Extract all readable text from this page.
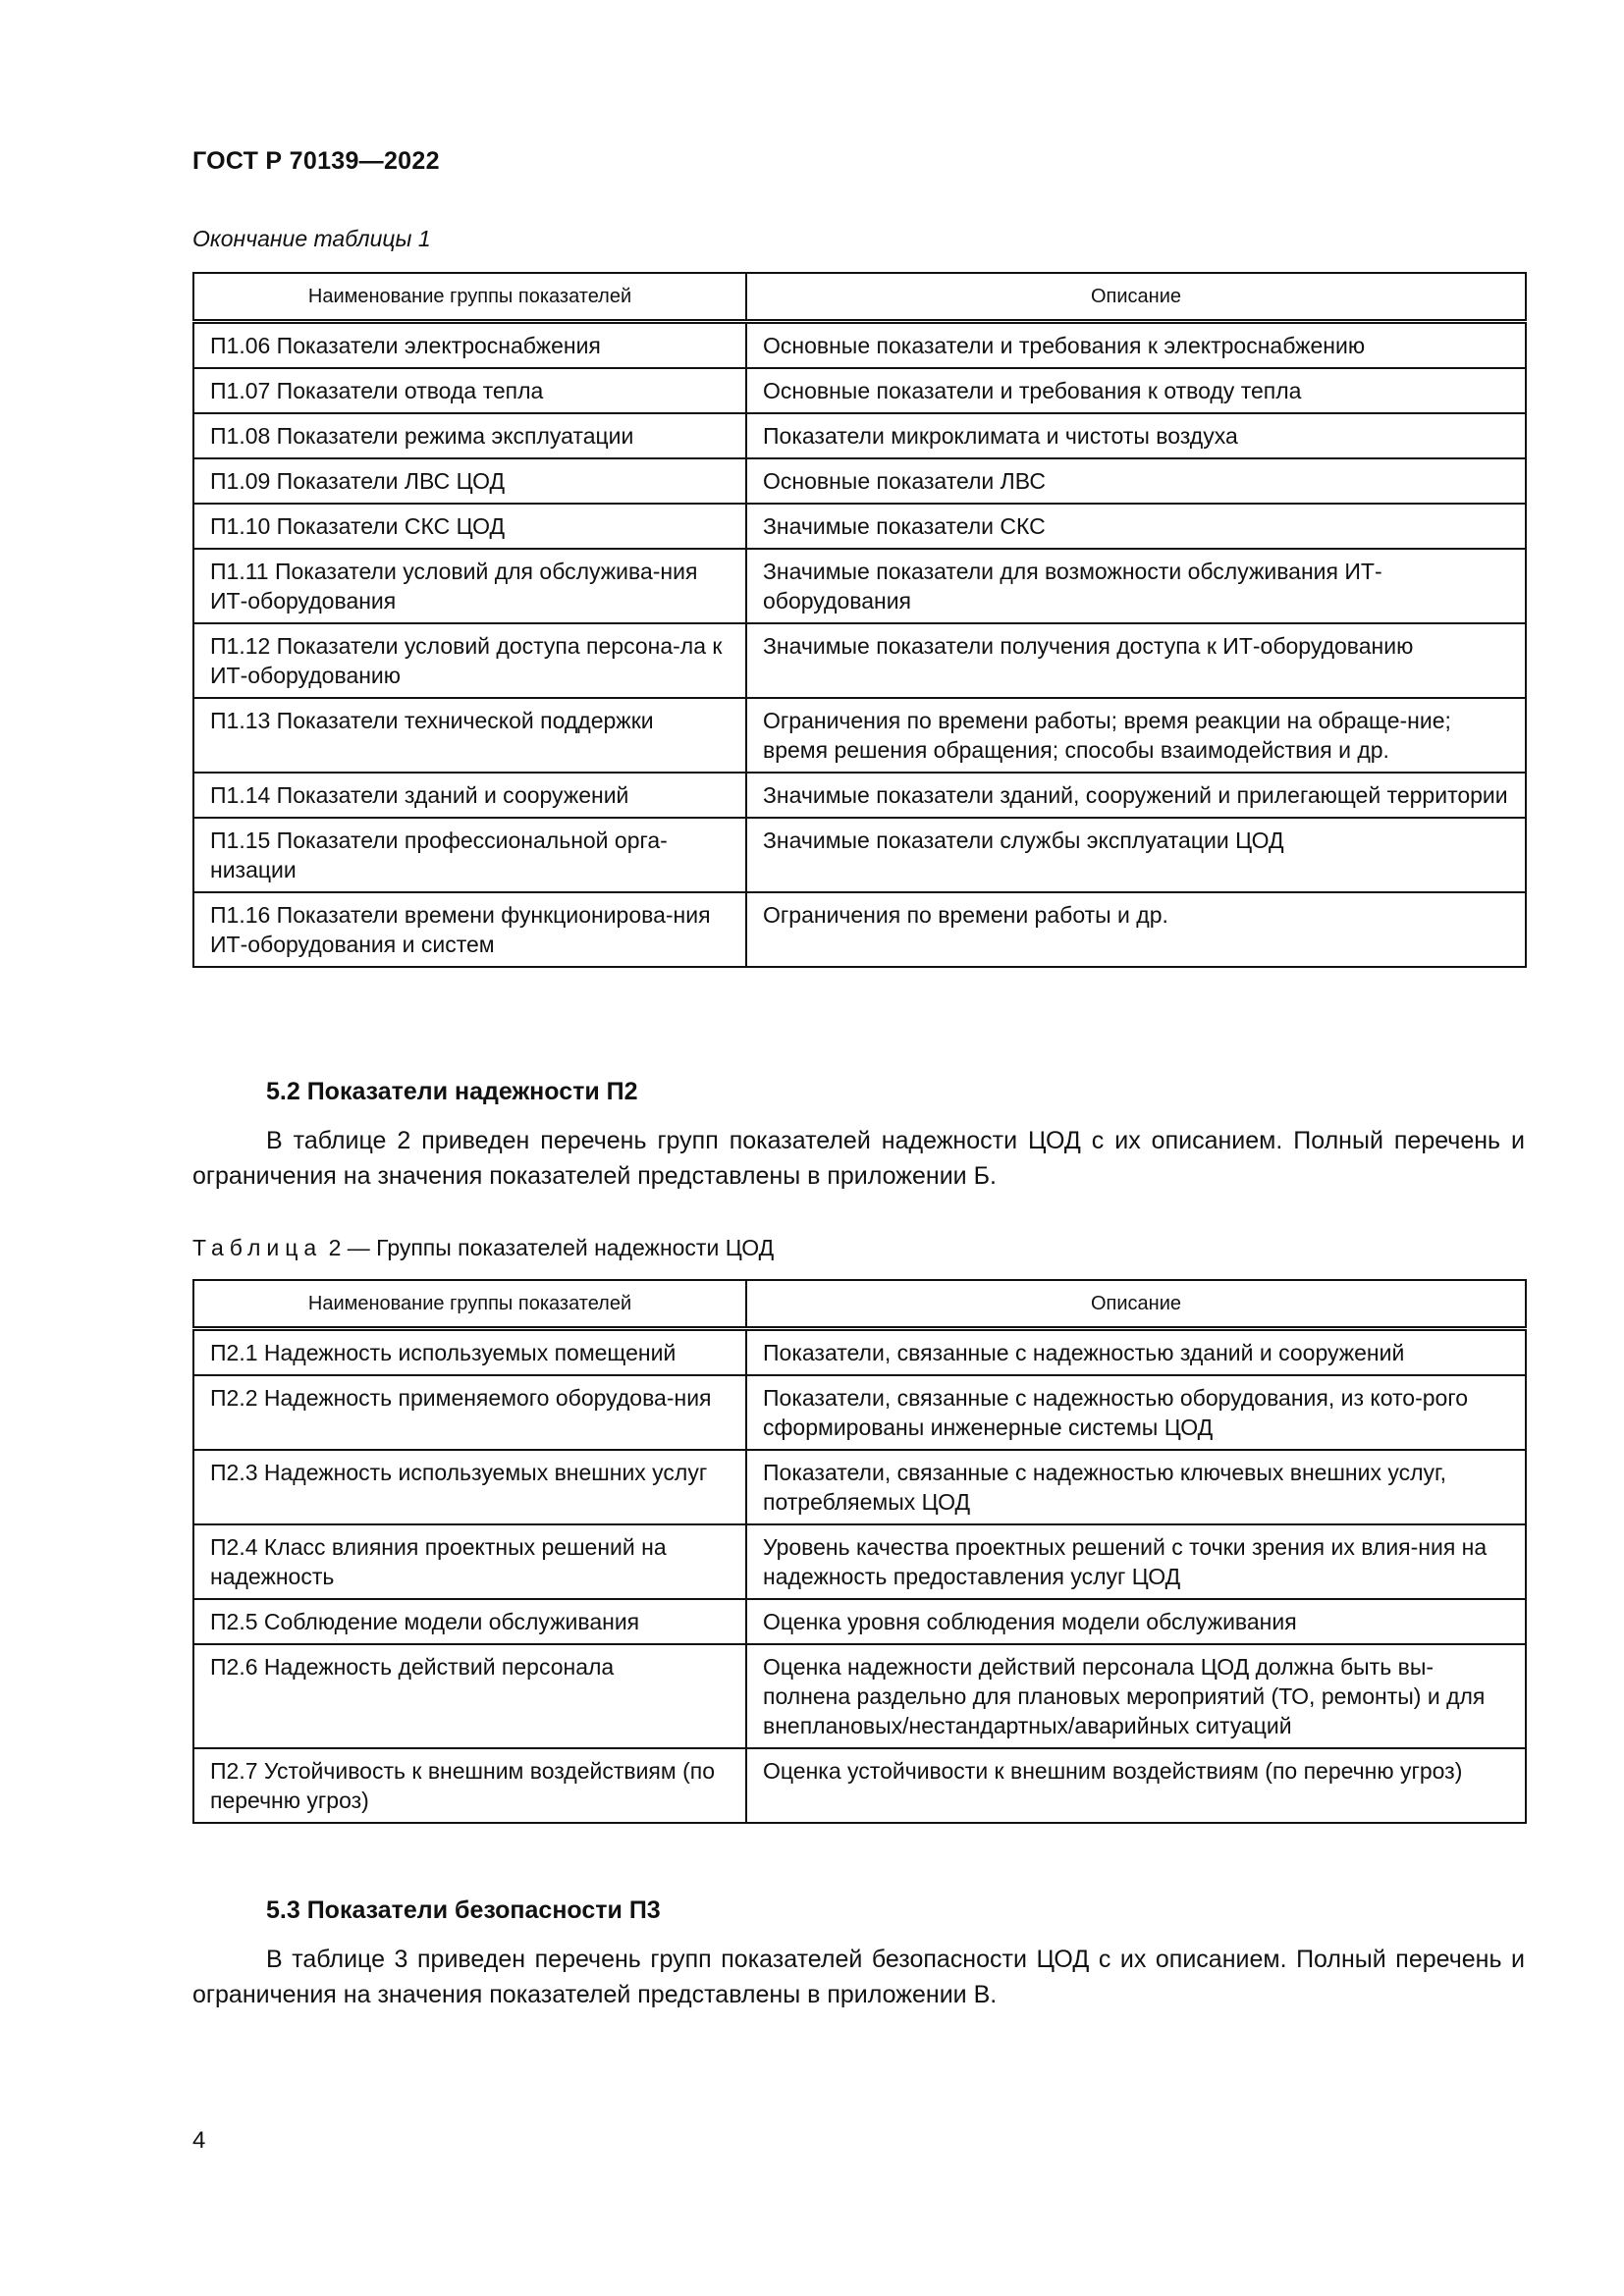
ГОСТ Р 70139—2022
Окончание таблицы 1
Наименование группы показателей	Описание
П1.06 Показатели электроснабжения	Основные показатели и требования к электроснабжению
П1.07 Показатели отвода тепла	Основные показатели и требования к отводу тепла
П1.08 Показатели режима эксплуатации	Показатели микроклимата и чистоты воздуха
П1.09 Показатели ЛВС ЦОД	Основные показатели ЛВС
П1.10 Показатели СКС ЦОД	Значимые показатели СКС
П1.11 Показатели условий для обслужива-ния ИТ-оборудования	Значимые показатели для возможности обслуживания ИТ-оборудования
П1.12 Показатели условий доступа персона-ла к ИТ-оборудованию	Значимые показатели получения доступа к ИТ-оборудованию
П1.13 Показатели технической поддержки	Ограничения по времени работы; время реакции на обраще-ние; время решения обращения; способы взаимодействия и др.
П1.14 Показатели зданий и сооружений	Значимые показатели зданий, сооружений и прилегающей территории
П1.15 Показатели профессиональной орга-низации	Значимые показатели службы эксплуатации ЦОД
П1.16 Показатели времени функционирова-ния ИТ-оборудования и систем	Ограничения по времени работы и др.
5.2 Показатели надежности П2
В таблице 2 приведен перечень групп показателей надежности ЦОД с их описанием. Полный перечень и ограничения на значения показателей представлены в приложении Б.
Таблица 2 — Группы показателей надежности ЦОД
Наименование группы показателей	Описание
П2.1 Надежность используемых помещений	Показатели, связанные с надежностью зданий и сооружений
П2.2 Надежность применяемого оборудова-ния	Показатели, связанные с надежностью оборудования, из кото-рого сформированы инженерные системы ЦОД
П2.3 Надежность используемых внешних услуг	Показатели, связанные с надежностью ключевых внешних услуг, потребляемых ЦОД
П2.4 Класс влияния проектных решений на надежность	Уровень качества проектных решений с точки зрения их влия-ния на надежность предоставления услуг ЦОД
П2.5 Соблюдение модели обслуживания	Оценка уровня соблюдения модели обслуживания
П2.6 Надежность действий персонала	Оценка надежности действий персонала ЦОД должна быть вы-полнена раздельно для плановых мероприятий (ТО, ремонты) и для внеплановых/нестандартных/аварийных ситуаций
П2.7 Устойчивость к внешним воздействиям (по перечню угроз)	Оценка устойчивости к внешним воздействиям (по перечню угроз)
5.3 Показатели безопасности П3
В таблице 3 приведен перечень групп показателей безопасности ЦОД с их описанием. Полный перечень и ограничения на значения показателей представлены в приложении В.
4
